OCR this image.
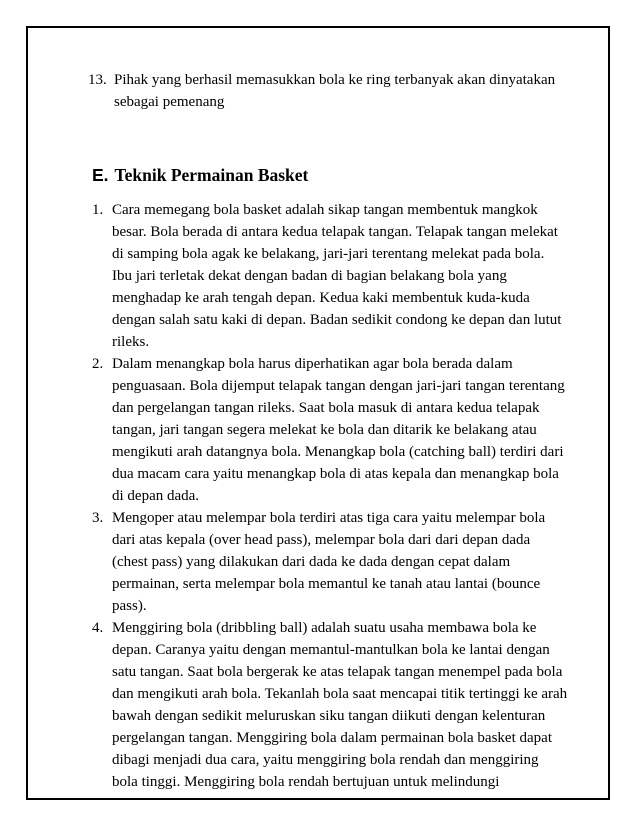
13. Pihak yang berhasil memasukkan bola ke ring terbanyak akan dinyatakan sebagai pemenang
E. Teknik Permainan Basket
1. Cara memegang bola basket adalah sikap tangan membentuk mangkok besar. Bola berada di antara kedua telapak tangan. Telapak tangan melekat di samping bola agak ke belakang, jari-jari terentang melekat pada bola. Ibu jari terletak dekat dengan badan di bagian belakang bola yang menghadap ke arah tengah depan. Kedua kaki membentuk kuda-kuda dengan salah satu kaki di depan. Badan sedikit condong ke depan dan lutut rileks.
2. Dalam menangkap bola harus diperhatikan agar bola berada dalam penguasaan. Bola dijemput telapak tangan dengan jari-jari tangan terentang dan pergelangan tangan rileks. Saat bola masuk di antara kedua telapak tangan, jari tangan segera melekat ke bola dan ditarik ke belakang atau mengikuti arah datangnya bola. Menangkap bola (catching ball) terdiri dari dua macam cara yaitu menangkap bola di atas kepala dan menangkap bola di depan dada.
3. Mengoper atau melempar bola terdiri atas tiga cara yaitu melempar bola dari atas kepala (over head pass), melempar bola dari dari depan dada (chest pass) yang dilakukan dari dada ke dada dengan cepat dalam permainan, serta melempar bola memantul ke tanah atau lantai (bounce pass).
4. Menggiring bola (dribbling ball) adalah suatu usaha membawa bola ke depan. Caranya yaitu dengan memantul-mantulkan bola ke lantai dengan satu tangan. Saat bola bergerak ke atas telapak tangan menempel pada bola dan mengikuti arah bola. Tekanlah bola saat mencapai titik tertinggi ke arah bawah dengan sedikit meluruskan siku tangan diikuti dengan kelenturan pergelangan tangan. Menggiring bola dalam permainan bola basket dapat dibagi menjadi dua cara, yaitu menggiring bola rendah dan menggiring bola tinggi. Menggiring bola rendah bertujuan untuk melindungi
